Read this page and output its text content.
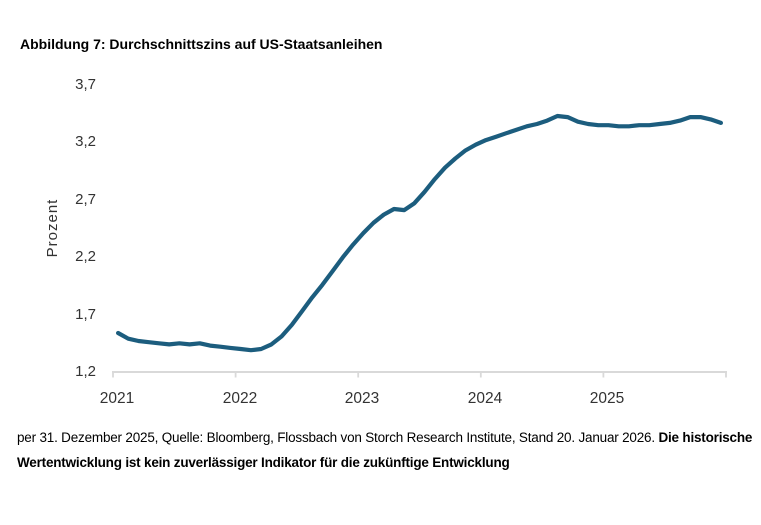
Abbildung 7: Durchschnittszins auf US-Staatsanleihen
3,7
3,2
2,7
2,2
1,7
1,2
Prozent
2021	2022	2023	2024	2025
per 31. Dezember 2025, Quelle: Bloomberg, Flossbach von Storch Research Institute, Stand 20. Januar 2026. Die historische Wertentwicklung ist kein zuverlässiger Indikator für die zukünftige Entwicklung
